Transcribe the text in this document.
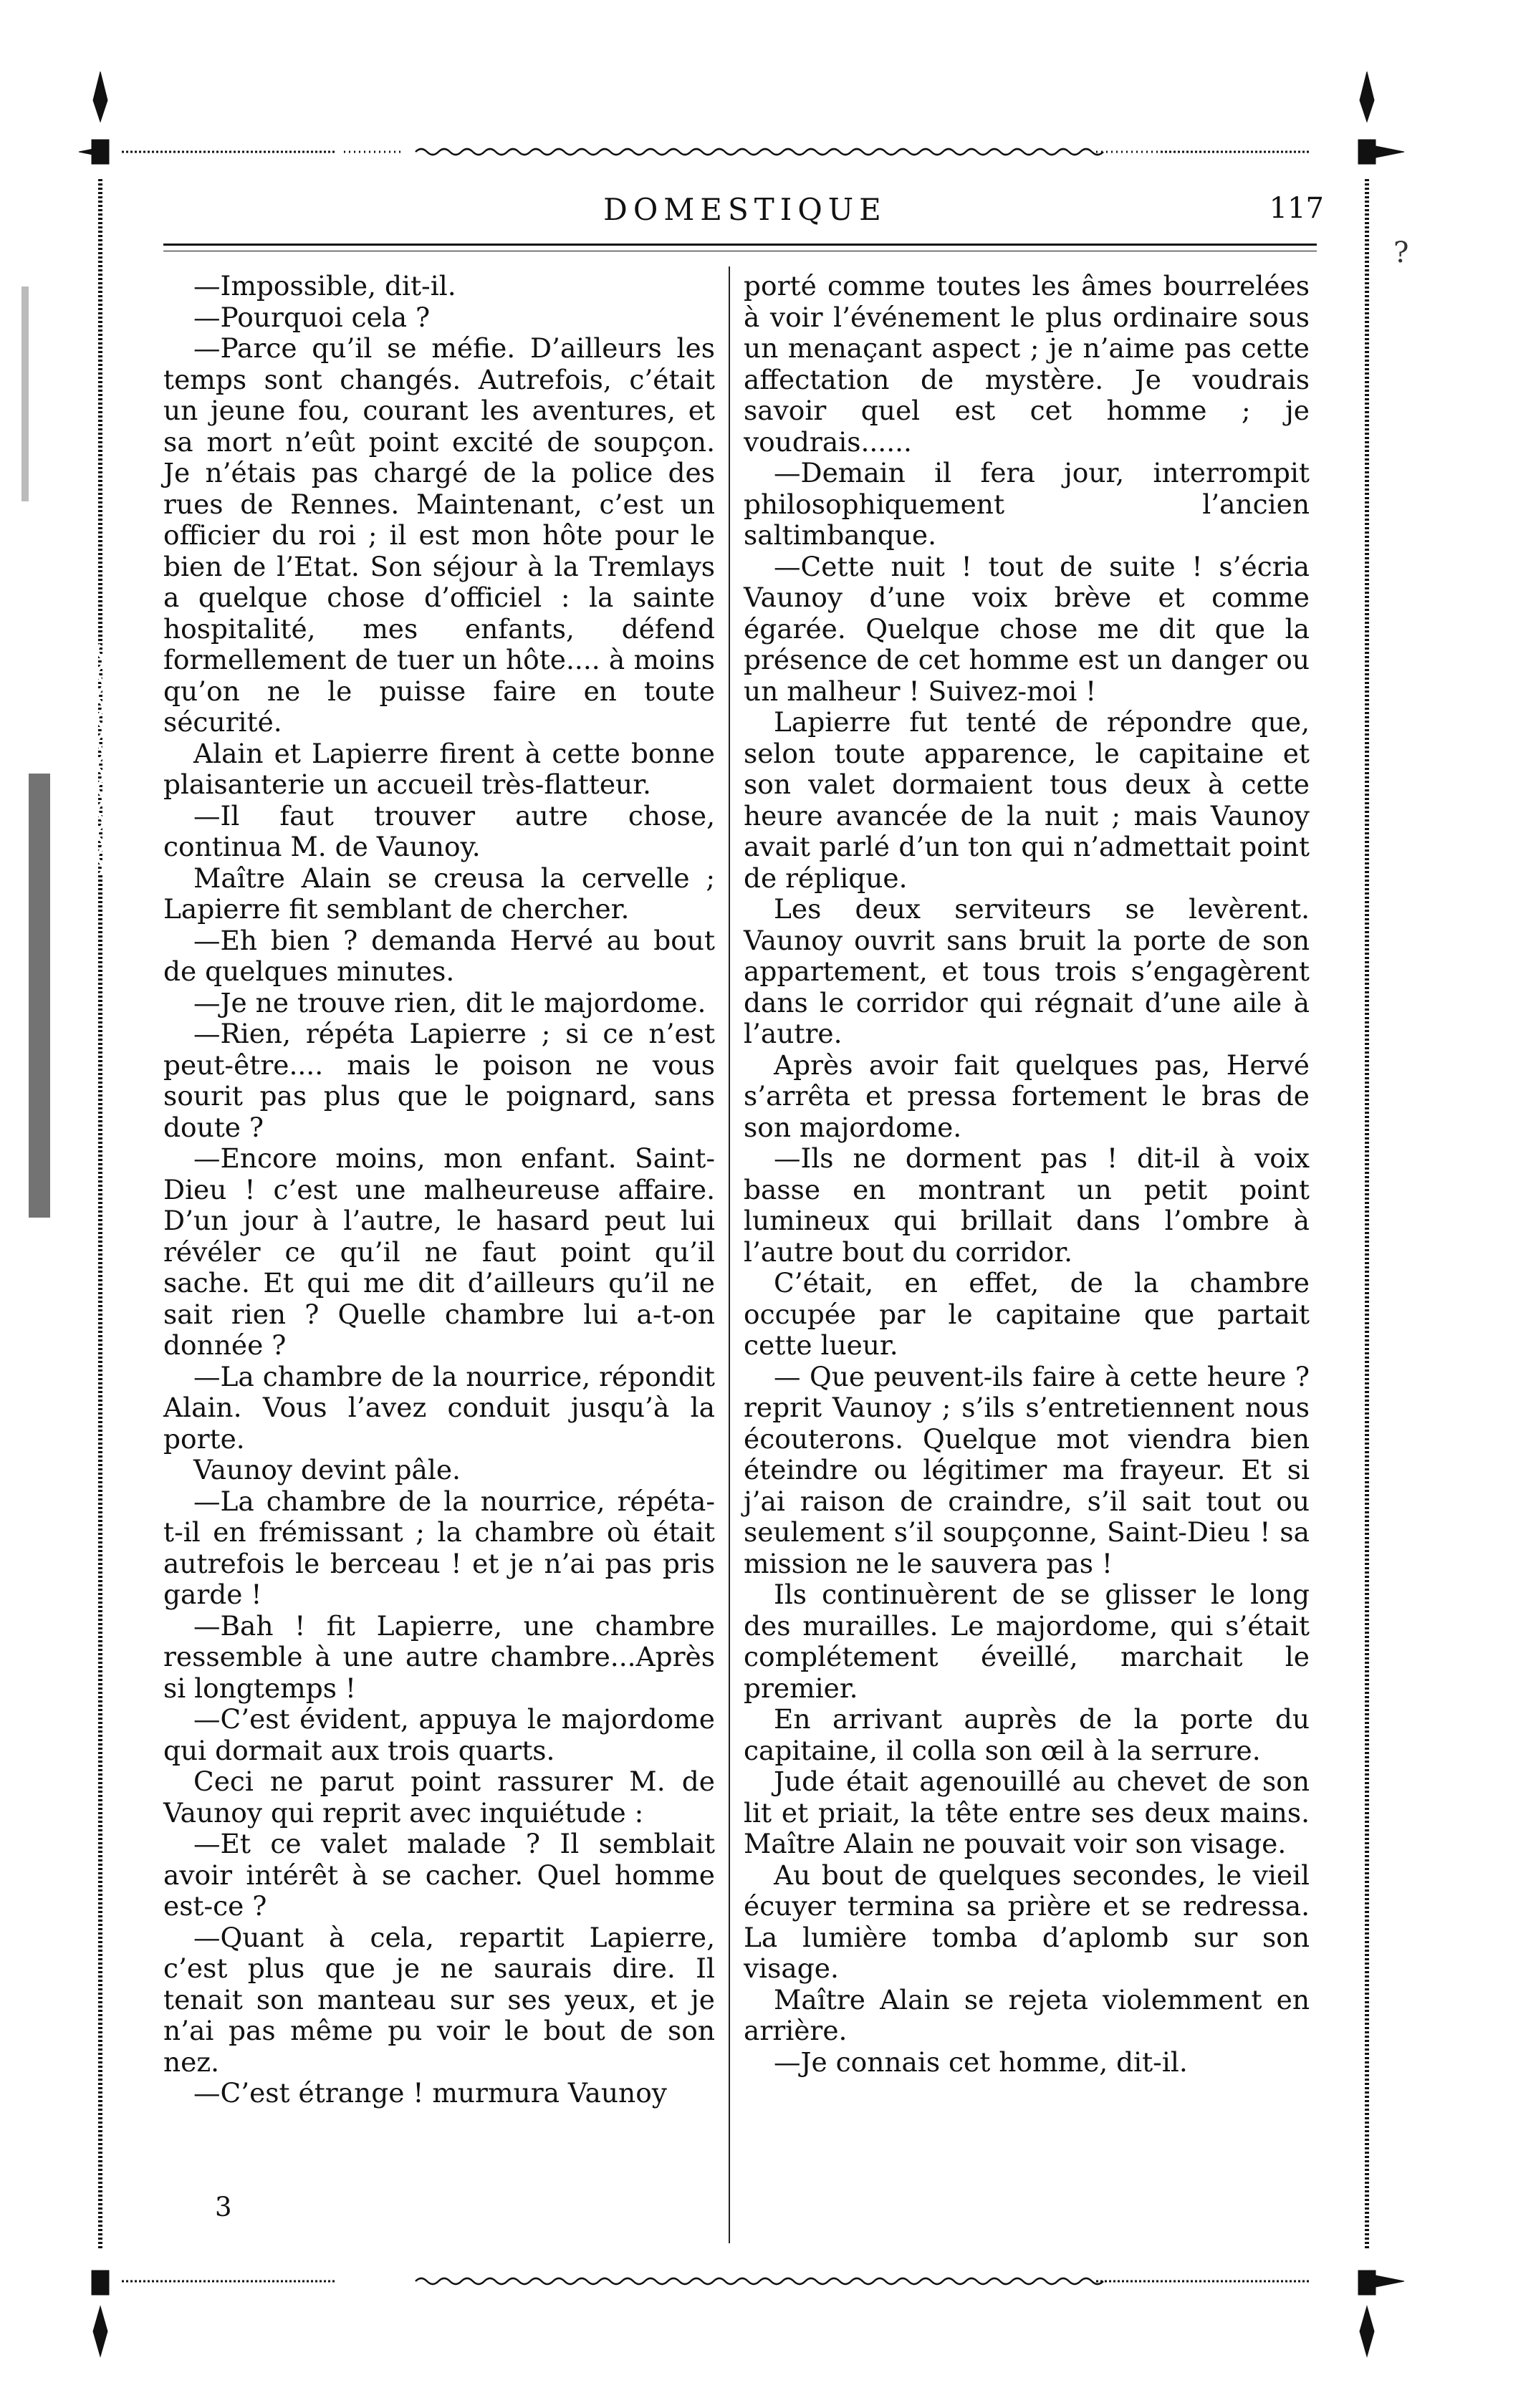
DOMESTIQUE	117

—Impossible, dit-il.

—Pourquoi cela ?

—Parce qu’il se méfie. D’ailleurs les temps sont changés. Autrefois, c’était un jeune fou, courant les aventures, et sa mort n’eût point excité de soupçon. Je n’étais pas chargé de la police des rues de Rennes. Maintenant, c’est un officier du roi ; il est mon hôte pour le bien de l’Etat. Son séjour à la Tremlays a quelque chose d’officiel : la sainte hospitalité, mes enfants, défend formellement de tuer un hôte.... à moins qu’on ne le puisse faire en toute sécurité.

Alain et Lapierre firent à cette bonne plaisanterie un accueil très-flatteur.

—Il faut trouver autre chose, continua M. de Vaunoy.

Maître Alain se creusa la cervelle ; Lapierre fit semblant de chercher.

—Eh bien ? demanda Hervé au bout de quelques minutes.

—Je ne trouve rien, dit le majordome.

—Rien, répéta Lapierre ; si ce n’est peut-être.... mais le poison ne vous sourit pas plus que le poignard, sans doute ?

—Encore moins, mon enfant. Saint-Dieu ! c’est une malheureuse affaire. D’un jour à l’autre, le hasard peut lui révéler ce qu’il ne faut point qu’il sache. Et qui me dit d’ailleurs qu’il ne sait rien ? Quelle chambre lui a-t-on donnée ?

—La chambre de la nourrice, répondit Alain. Vous l’avez conduit jusqu’à la porte.

Vaunoy devint pâle.

—La chambre de la nourrice, répéta-t-il en frémissant ; la chambre où était autrefois le berceau ! et je n’ai pas pris garde !

—Bah ! fit Lapierre, une chambre ressemble à une autre chambre...Après si longtemps !

—C’est évident, appuya le majordome qui dormait aux trois quarts.

Ceci ne parut point rassurer M. de Vaunoy qui reprit avec inquiétude :

—Et ce valet malade ? Il semblait avoir intérêt à se cacher. Quel homme est-ce ?

—Quant à cela, repartit Lapierre, c’est plus que je ne saurais dire. Il tenait son manteau sur ses yeux, et je n’ai pas même pu voir le bout de son nez.

—C’est étrange ! murmura Vaunoy

porté comme toutes les âmes bourrelées à voir l’événement le plus ordinaire sous un menaçant aspect ; je n’aime pas cette affectation de mystère. Je voudrais savoir quel est cet homme ; je voudrais......

—Demain il fera jour, interrompit philosophiquement l’ancien saltimbanque.

—Cette nuit ! tout de suite ! s’écria Vaunoy d’une voix brève et comme égarée. Quelque chose me dit que la présence de cet homme est un danger ou un malheur ! Suivez-moi !

Lapierre fut tenté de répondre que, selon toute apparence, le capitaine et son valet dormaient tous deux à cette heure avancée de la nuit ; mais Vaunoy avait parlé d’un ton qui n’admettait point de réplique.

Les deux serviteurs se levèrent. Vaunoy ouvrit sans bruit la porte de son appartement, et tous trois s’engagèrent dans le corridor qui régnait d’une aile à l’autre.

Après avoir fait quelques pas, Hervé s’arrêta et pressa fortement le bras de son majordome.

—Ils ne dorment pas ! dit-il à voix basse en montrant un petit point lumineux qui brillait dans l’ombre à l’autre bout du corridor.

C’était, en effet, de la chambre occupée par le capitaine que partait cette lueur.

— Que peuvent-ils faire à cette heure ? reprit Vaunoy ; s’ils s’entretiennent nous écouterons. Quelque mot viendra bien éteindre ou légitimer ma frayeur. Et si j’ai raison de craindre, s’il sait tout ou seulement s’il soupçonne, Saint-Dieu ! sa mission ne le sauvera pas !

Ils continuèrent de se glisser le long des murailles. Le majordome, qui s’était complétement éveillé, marchait le premier.

En arrivant auprès de la porte du capitaine, il colla son œil à la serrure.

Jude était agenouillé au chevet de son lit et priait, la tête entre ses deux mains. Maître Alain ne pouvait voir son visage.

Au bout de quelques secondes, le vieil écuyer termina sa prière et se redressa. La lumière tomba d’aplomb sur son visage.

Maître Alain se rejeta violemment en arrière.

—Je connais cet homme, dit-il.

3
?
